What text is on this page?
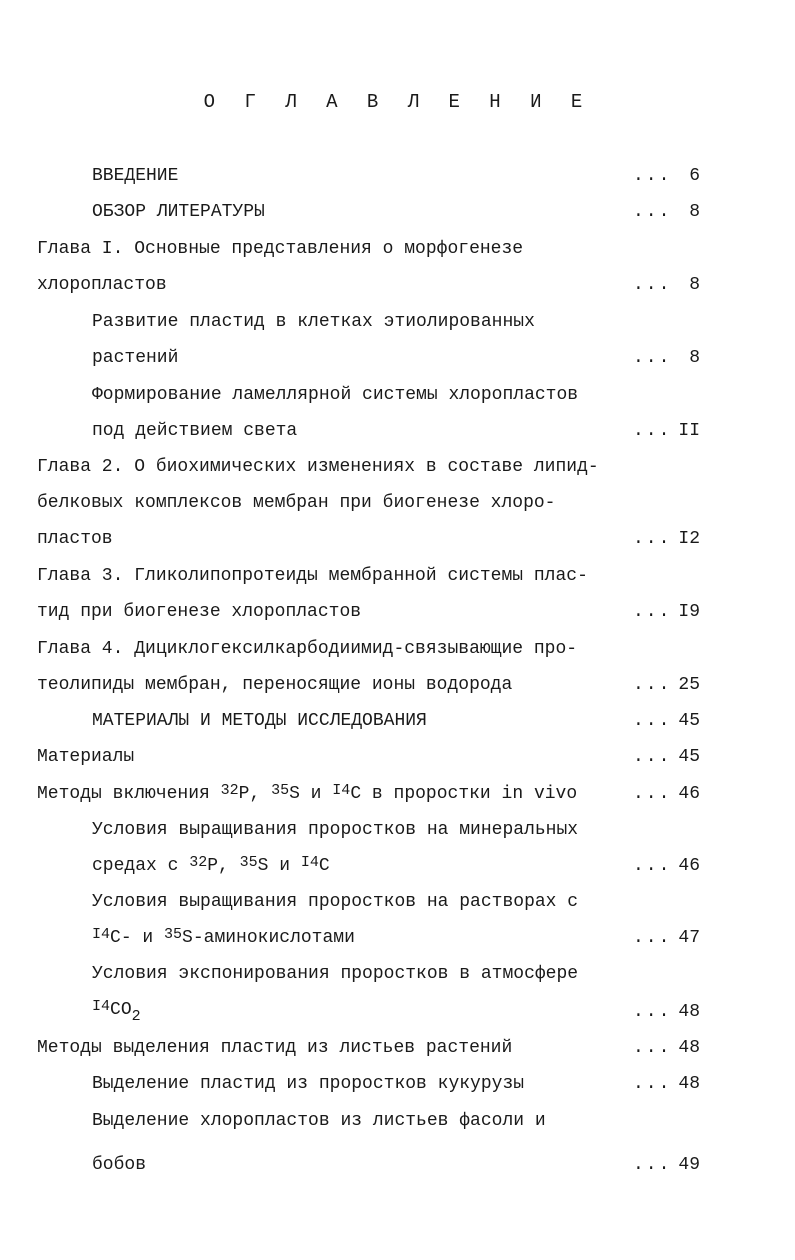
О Г Л А В Л Е Н И Е
ВВЕДЕНИЕ	... 6
ОБЗОР ЛИТЕРАТУРЫ	... 8
Глава I. Основные представления о морфогенезе
хлоропластов	... 8
Развитие пластид в клетках этиолированных
растений	... 8
Формирование ламеллярной системы хлоропластов
под действием света	... II
Глава 2. О биохимических изменениях в составе липид-
белковых комплексов мембран при биогенезе хлоро-
пластов	... I2
Глава 3. Гликолипопротеиды мембранной системы плас-
тид при биогенезе хлоропластов	... I9
Глава 4. Дициклогексилкарбодиимид-связывающие про-
теолипиды мембран, переносящие ионы водорода	... 25
МАТЕРИАЛЫ И МЕТОДЫ ИССЛЕДОВАНИЯ	... 45
Материалы	... 45
Методы включения $^{32}$P, $^{35}$S и $^{I4}$C в проростки in vivo	... 46
Условия выращивания проростков на минеральных
средах с $^{32}$P, $^{35}$S и $^{I4}$C	... 46
Условия выращивания проростков на растворах с
$^{I4}$C- и $^{35}$S-аминокислотами	... 47
Условия экспонирования проростков в атмосфере
$^{I4}CO_2$	... 48
Методы выделения пластид из листьев растений	... 48
Выделение пластид из проростков кукурузы	... 48
Выделение хлоропластов из листьев фасоли и
бобов	... 49
